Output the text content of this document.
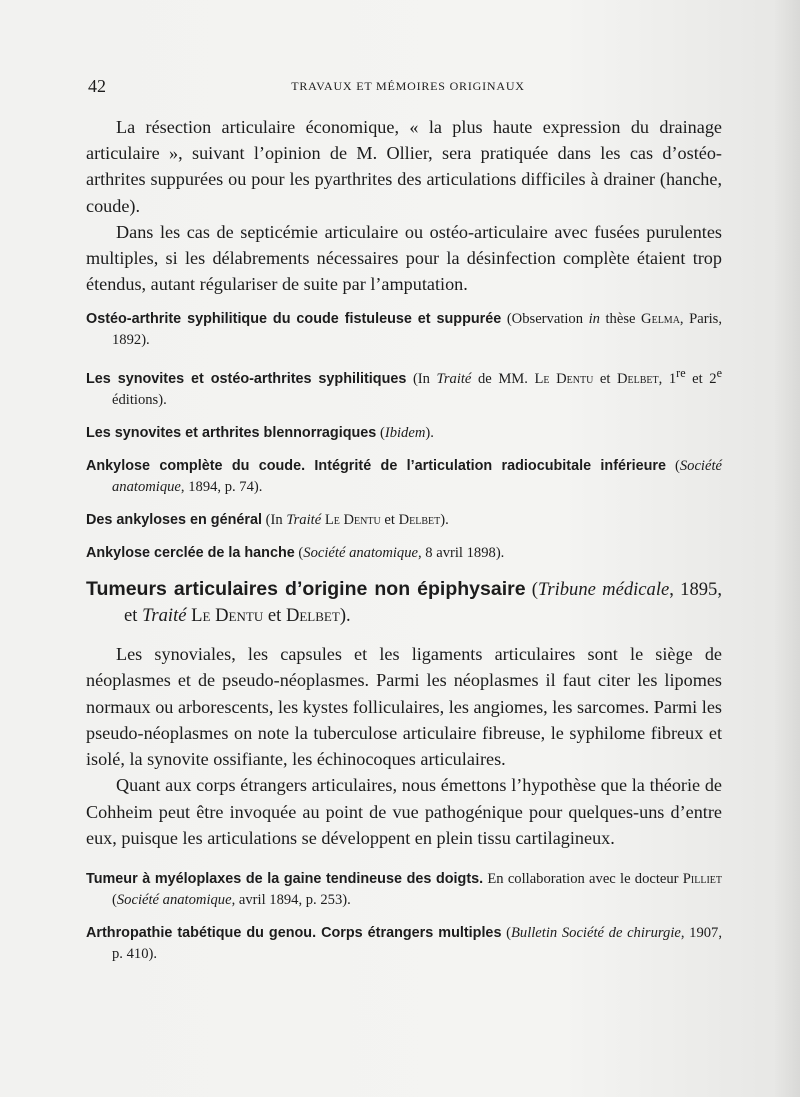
42	TRAVAUX ET MÉMOIRES ORIGINAUX

La résection articulaire économique, « la plus haute expression du drainage articulaire », suivant l’opinion de M. Ollier, sera pratiquée dans les cas d’ostéo-arthrites suppurées ou pour les pyarthrites des articulations difficiles à drainer (hanche, coude).

Dans les cas de septicémie articulaire ou ostéo-articulaire avec fusées purulentes multiples, si les délabrements nécessaires pour la désinfection complète étaient trop étendus, autant régulariser de suite par l’amputation.

Ostéo-arthrite syphilitique du coude fistuleuse et suppurée (Observation in thèse Gelma, Paris, 1892).

Les synovites et ostéo-arthrites syphilitiques (In Traité de MM. Le Dentu et Delbet, 1re et 2e éditions).

Les synovites et arthrites blennorragiques (Ibidem).

Ankylose complète du coude. Intégrité de l’articulation radiocubitale inférieure (Société anatomique, 1894, p. 74).

Des ankyloses en général (In Traité Le Dentu et Delbet).

Ankylose cerclée de la hanche (Société anatomique, 8 avril 1898).

Tumeurs articulaires d’origine non épiphysaire (Tribune médicale, 1895, et Traité Le Dentu et Delbet).

Les synoviales, les capsules et les ligaments articulaires sont le siège de néoplasmes et de pseudo-néoplasmes. Parmi les néoplasmes il faut citer les lipomes normaux ou arborescents, les kystes folliculaires, les angiomes, les sarcomes. Parmi les pseudo-néoplasmes on note la tuberculose articulaire fibreuse, le syphilome fibreux et isolé, la synovite ossifiante, les échinocoques articulaires.

Quant aux corps étrangers articulaires, nous émettons l’hypothèse que la théorie de Cohheim peut être invoquée au point de vue pathogénique pour quelques-uns d’entre eux, puisque les articulations se développent en plein tissu cartilagineux.

Tumeur à myéloplaxes de la gaine tendineuse des doigts. En collaboration avec le docteur Pilliet (Société anatomique, avril 1894, p. 253).

Arthropathie tabétique du genou. Corps étrangers multiples (Bulletin Société de chirurgie, 1907, p. 410).
